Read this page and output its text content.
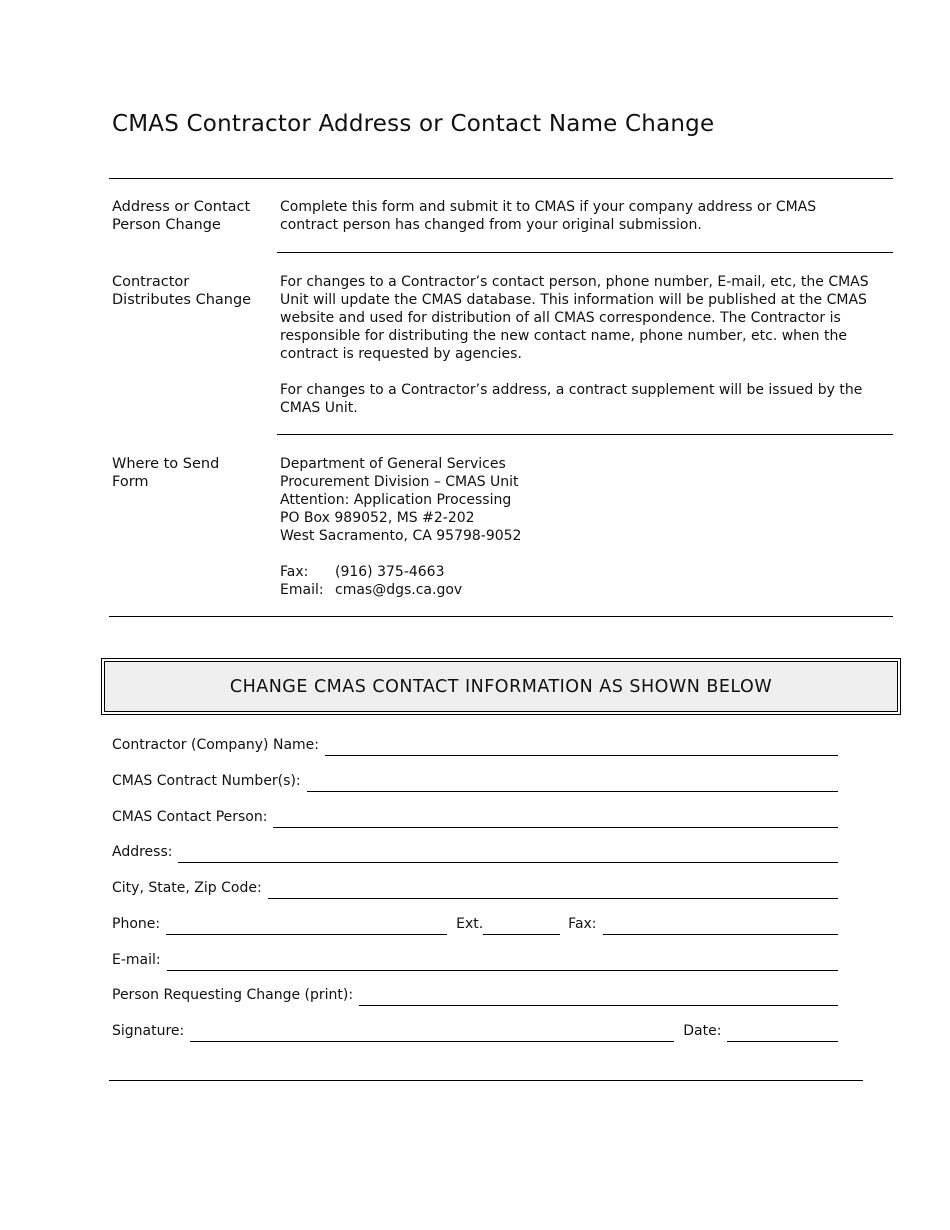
CMAS Contractor Address or Contact Name Change
Address or Contact
Person Change

Complete this form and submit it to CMAS if your company address or CMAS contract person has changed from your original submission.

Contractor
Distributes Change

For changes to a Contractor’s contact person, phone number, E-mail, etc, the CMAS Unit will update the CMAS database. This information will be published at the CMAS website and used for distribution of all CMAS correspondence. The Contractor is responsible for distributing the new contact name, phone number, etc. when the contract is requested by agencies.

For changes to a Contractor’s address, a contract supplement will be issued by the CMAS Unit.

Where to Send
Form
Department of General Services
Procurement Division – CMAS Unit
Attention: Application Processing
PO Box 989052, MS #2-202
West Sacramento, CA 95798-9052
Fax:	(916) 375-4663
Email: cmas@dgs.ca.gov
CHANGE CMAS CONTACT INFORMATION AS SHOWN BELOW
Contractor (Company) Name:
CMAS Contract Number(s):
CMAS Contact Person:
Address:
City, State, Zip Code:
Phone:	Ext.	Fax:
E-mail:
Person Requesting Change (print):
Signature:	Date:
